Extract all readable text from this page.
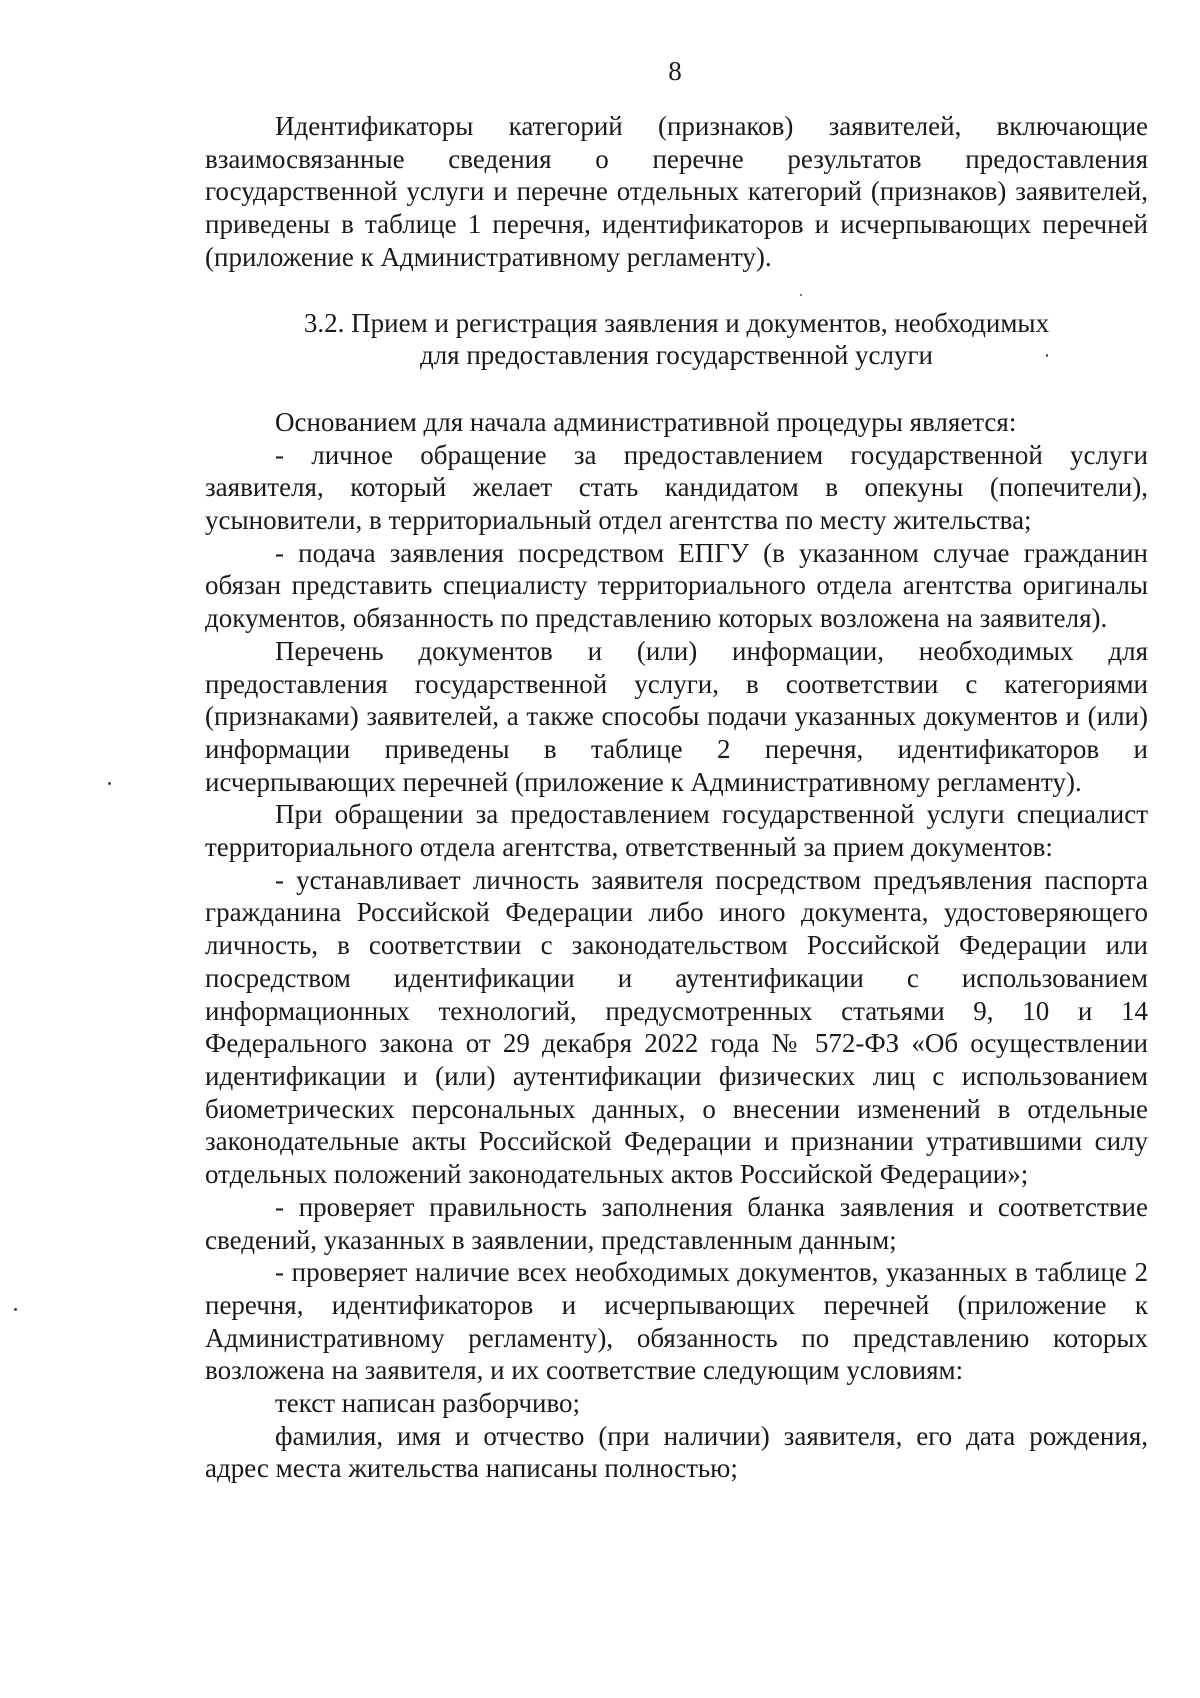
8

Идентификаторы категорий (признаков) заявителей, включающие взаимосвязанные сведения о перечне результатов предоставления государственной услуги и перечне отдельных категорий (признаков) заявителей, приведены в таблице 1 перечня, идентификаторов и исчерпывающих перечней (приложение к Административному регламенту).

3.2. Прием и регистрация заявления и документов, необходимых
для предоставления государственной услуги

Основанием для начала административной процедуры является:

- личное обращение за предоставлением государственной услуги заявителя, который желает стать кандидатом в опекуны (попечители), усыновители, в территориальный отдел агентства по месту жительства;

- подача заявления посредством ЕПГУ (в указанном случае гражданин обязан представить специалисту территориального отдела агентства оригиналы документов, обязанность по представлению которых возложена на заявителя).

Перечень документов и (или) информации, необходимых для предоставления государственной услуги, в соответствии с категориями (признаками) заявителей, а также способы подачи указанных документов и (или) информации приведены в таблице 2 перечня, идентификаторов и исчерпывающих перечней (приложение к Административному регламенту).

При обращении за предоставлением государственной услуги специалист территориального отдела агентства, ответственный за прием документов:

- устанавливает личность заявителя посредством предъявления паспорта гражданина Российской Федерации либо иного документа, удостоверяющего личность, в соответствии с законодательством Российской Федерации или посредством идентификации и аутентификации с использованием информационных технологий, предусмотренных статьями 9, 10 и 14 Федерального закона от 29 декабря 2022 года № 572-ФЗ «Об осуществлении идентификации и (или) аутентификации физических лиц с использованием биометрических персональных данных, о внесении изменений в отдельные законодательные акты Российской Федерации и признании утратившими силу отдельных положений законодательных актов Российской Федерации»;

- проверяет правильность заполнения бланка заявления и соответствие сведений, указанных в заявлении, представленным данным;

- проверяет наличие всех необходимых документов, указанных в таблице 2 перечня, идентификаторов и исчерпывающих перечней (приложение к Административному регламенту), обязанность по представлению которых возложена на заявителя, и их соответствие следующим условиям:

текст написан разборчиво;

фамилия, имя и отчество (при наличии) заявителя, его дата рождения, адрес места жительства написаны полностью;
